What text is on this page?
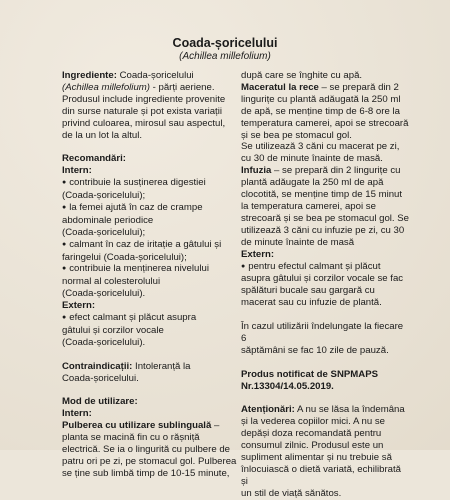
Coada-șoricelului
(Achillea millefolium)

Ingrediente: Coada-șoricelului

(Achillea millefolium) - părți aeriene.

Produsul include ingrediente provenite

din surse naturale și pot exista variații

privind culoarea, mirosul sau aspectul,

de la un lot la altul.

Recomandări:

Intern:

● contribuie la susținerea digestiei

(Coada-șoricelului);

● la femei ajută în caz de crampe

abdominale periodice

(Coada-șoricelului);

● calmant în caz de iritație a gâtului și

faringelui (Coada-șoricelului);

● contribuie la menținerea nivelului

normal al colesterolului

(Coada-șoricelului).

Extern:

● efect calmant și plăcut asupra

gâtului și corzilor vocale

(Coada-șoricelului).

Contraindicații: Intoleranță la

Coada-șoricelului.

Mod de utilizare:

Intern:

Pulberea cu utilizare sublinguală –

planta se macină fin cu o rășniță

electrică. Se ia o lingurită cu pulbere de

patru ori pe zi, pe stomacul gol. Pulberea

se ține sub limbă timp de 10-15 minute,

după care se înghite cu apă.

Maceratul la rece – se prepară din 2

lingurițe cu plantă adăugată la 250 ml

de apă, se menține timp de 6-8 ore la

temperatura camerei, apoi se strecoară

și se bea pe stomacul gol.

Se utilizează 3 căni cu macerat pe zi,

cu 30 de minute înainte de masă.

Infuzia – se prepară din 2 lingurițe cu

plantă adăugate la 250 ml de apă

clocotită, se menține timp de 15 minut

la temperatura camerei, apoi se

strecoară și se bea pe stomacul gol. Se

utilizează 3 căni cu infuzie pe zi, cu 30

de minute înainte de masă

Extern:

● pentru efectul calmant și plăcut

asupra gâtului și corzilor vocale se fac

spălături bucale sau gargară cu

macerat sau cu infuzie de plantă.

În cazul utilizării îndelungate la fiecare 6

săptămâni se fac 10 zile de pauză.

Produs notificat de SNPMAPS

Nr.13304/14.05.2019.

Atenționări: A nu se lăsa la îndemâna

și la vederea copiilor mici. A nu se

depăși doza recomandată pentru

consumul zilnic. Produsul este un

supliment alimentar și nu trebuie să

înlocuiască o dietă variată, echilibrată și

un stil de viață sănătos.
